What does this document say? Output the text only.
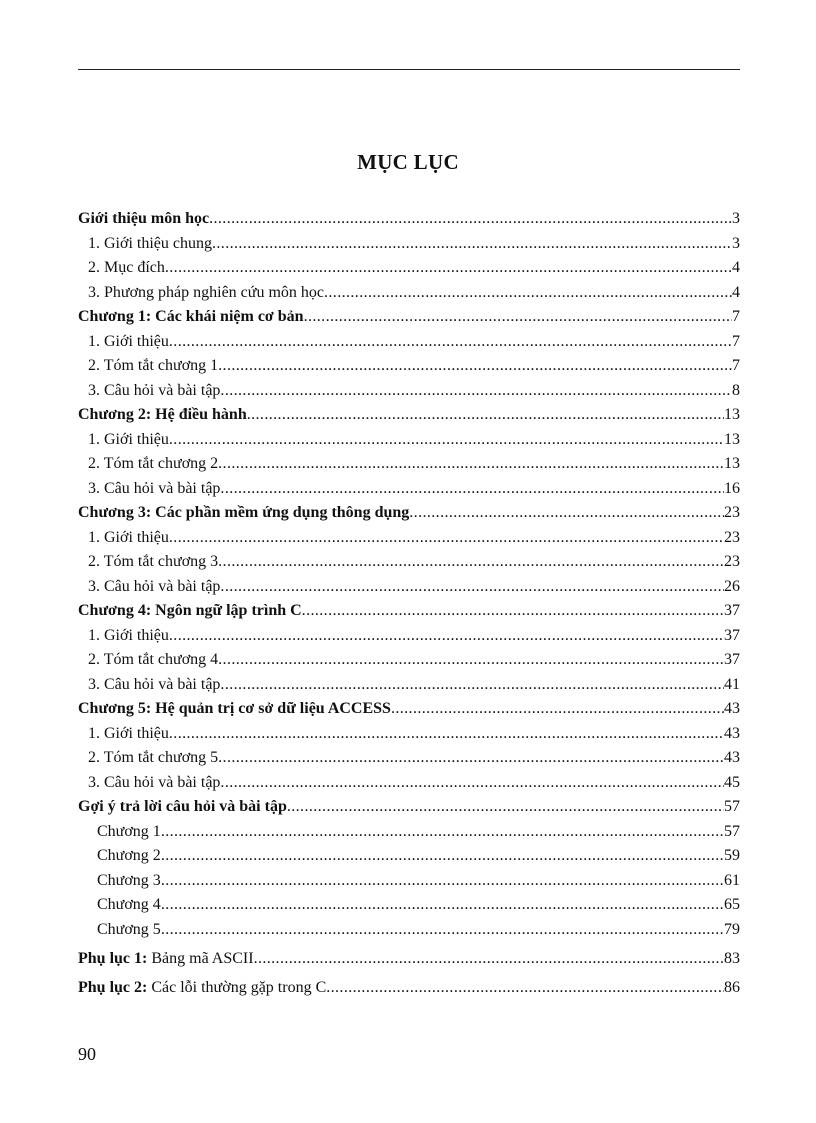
MỤC LỤC
Giới thiệu môn học .....	3
1. Giới thiệu chung .....	3
2. Mục đích .....	4
3. Phương pháp nghiên cứu môn học .....	4
Chương 1: Các khái niệm cơ bản .....	7
1. Giới thiệu .....	7
2. Tóm tắt chương 1 .....	7
3. Câu hỏi và bài tập .....	8
Chương 2: Hệ điều hành .....	13
1. Giới thiệu .....	13
2. Tóm tắt chương 2 .....	13
3. Câu hỏi và bài tập .....	16
Chương 3: Các phần mềm ứng dụng thông dụng .....	23
1. Giới thiệu .....	23
2. Tóm tắt chương 3 .....	23
3. Câu hỏi và bài tập .....	26
Chương 4: Ngôn ngữ lập trình C .....	37
1. Giới thiệu .....	37
2. Tóm tắt chương 4 .....	37
3. Câu hỏi và bài tập .....	41
Chương 5: Hệ quản trị cơ sở dữ liệu ACCESS .....	43
1. Giới thiệu .....	43
2. Tóm tắt chương 5 .....	43
3. Câu hỏi và bài tập .....	45
Gợi ý trả lời câu hỏi và bài tập .....	57
Chương 1 .....	57
Chương 2 .....	59
Chương 3 .....	61
Chương 4 .....	65
Chương 5 .....	79
Phụ lục 1: Bảng mã ASCII .....	83
Phụ lục 2: Các lỗi thường gặp trong C .....	86
90
